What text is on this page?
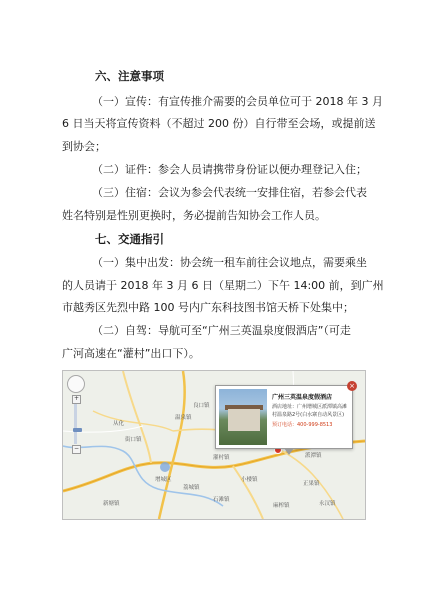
六、注意事项
（一）宣传：有宣传推介需要的会员单位可于 2018 年 3 月
6 日当天将宣传资料（不超过 200 份）自行带至会场，或提前送
到协会；
（二）证件：参会人员请携带身份证以便办理登记入住；
（三）住宿：会议为参会代表统一安排住宿，若参会代表
姓名特别是性别更换时，务必提前告知协会工作人员。
七、交通指引
（一）集中出发：协会统一租车前往会议地点，需要乘坐
的人员请于 2018 年 3 月 6 日（星期二）下午 14:00 前，到广州
市越秀区先烈中路 100 号内广东科技图书馆天桥下处集中；
（二）自驾：导航可至“广州三英温泉度假酒店”（可走
广河高速在“灌村”出口下）。
从化
街口镇
温泉镇
良口镇
派潭镇
灌村镇
小楼镇
正果镇
增城区
荔城镇
新塘镇
石滩镇
永汉镇
麻榨镇
+
−
广州三英温泉度假酒店
酒店地址：广州增城区派潭镇高滩
村温泉路2号(白水寨自动风景区)
预订电话：400-999-8513
×
